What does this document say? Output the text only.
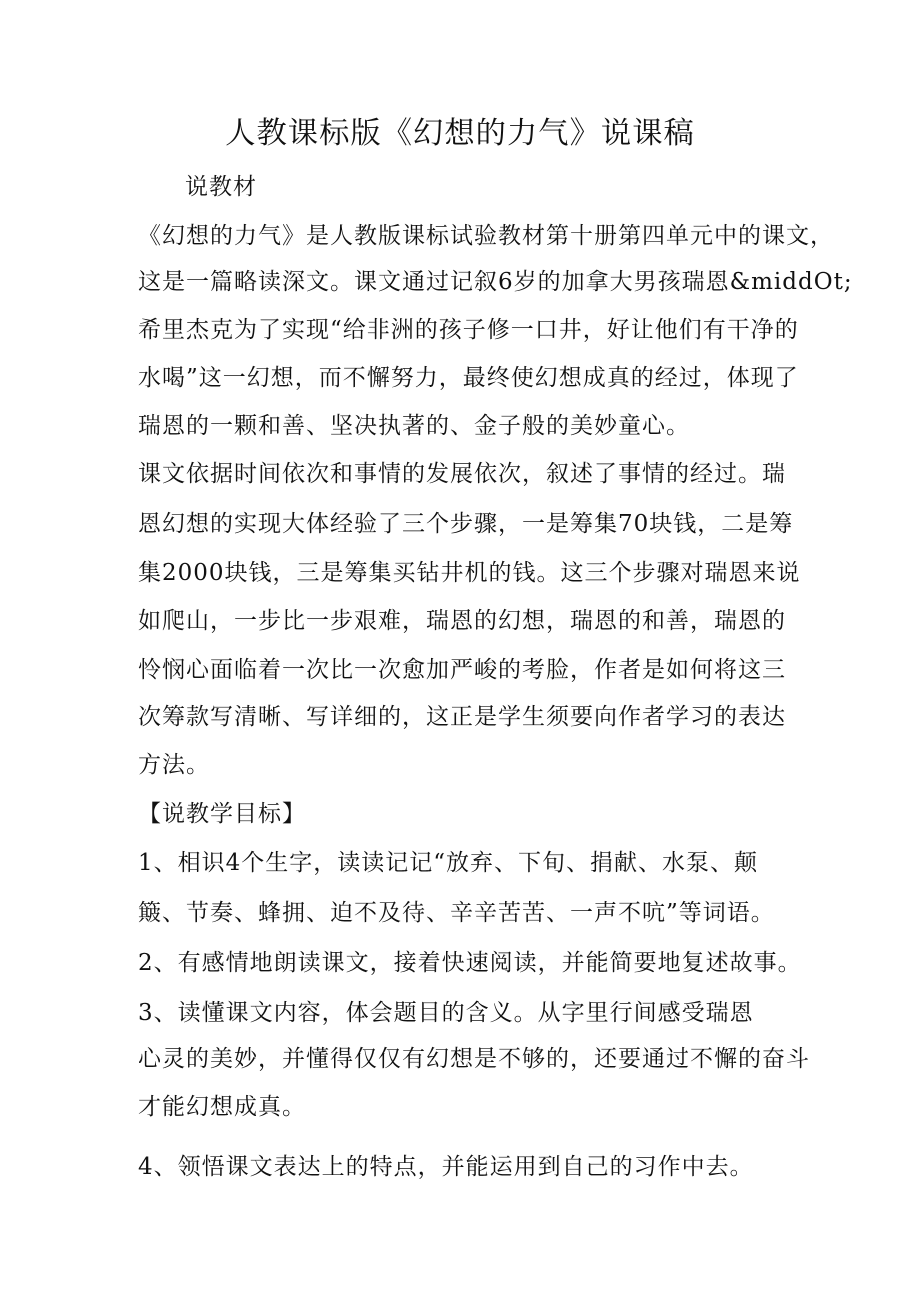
人教课标版《幻想的力气》说课稿
说教材
《幻想的力气》是人教版课标试验教材第十册第四单元中的课文，
这是一篇略读深文。课文通过记叙6岁的加拿大男孩瑞恩&middOt;
希里杰克为了实现“给非洲的孩子修一口井，好让他们有干净的
水喝”这一幻想，而不懈努力，最终使幻想成真的经过，体现了
瑞恩的一颗和善、坚决执著的、金子般的美妙童心。
课文依据时间依次和事情的发展依次，叙述了事情的经过。瑞
恩幻想的实现大体经验了三个步骤，一是筹集70块钱，二是筹
集2000块钱，三是筹集买钻井机的钱。这三个步骤对瑞恩来说
如爬山，一步比一步艰难，瑞恩的幻想，瑞恩的和善，瑞恩的
怜悯心面临着一次比一次愈加严峻的考脸，作者是如何将这三
次筹款写清晰、写详细的，这正是学生须要向作者学习的表达
方法。
【说教学目标】
1、相识4个生字，读读记记“放弃、下旬、捐献、水泵、颠
簸、节奏、蜂拥、迫不及待、辛辛苦苦、一声不吭”等词语。
2、有感情地朗读课文，接着快速阅读，并能简要地复述故事。
3、读懂课文内容，体会题目的含义。从字里行间感受瑞恩
心灵的美妙，并懂得仅仅有幻想是不够的，还要通过不懈的奋斗
才能幻想成真。
4、领悟课文表达上的特点，并能运用到自己的习作中去。
